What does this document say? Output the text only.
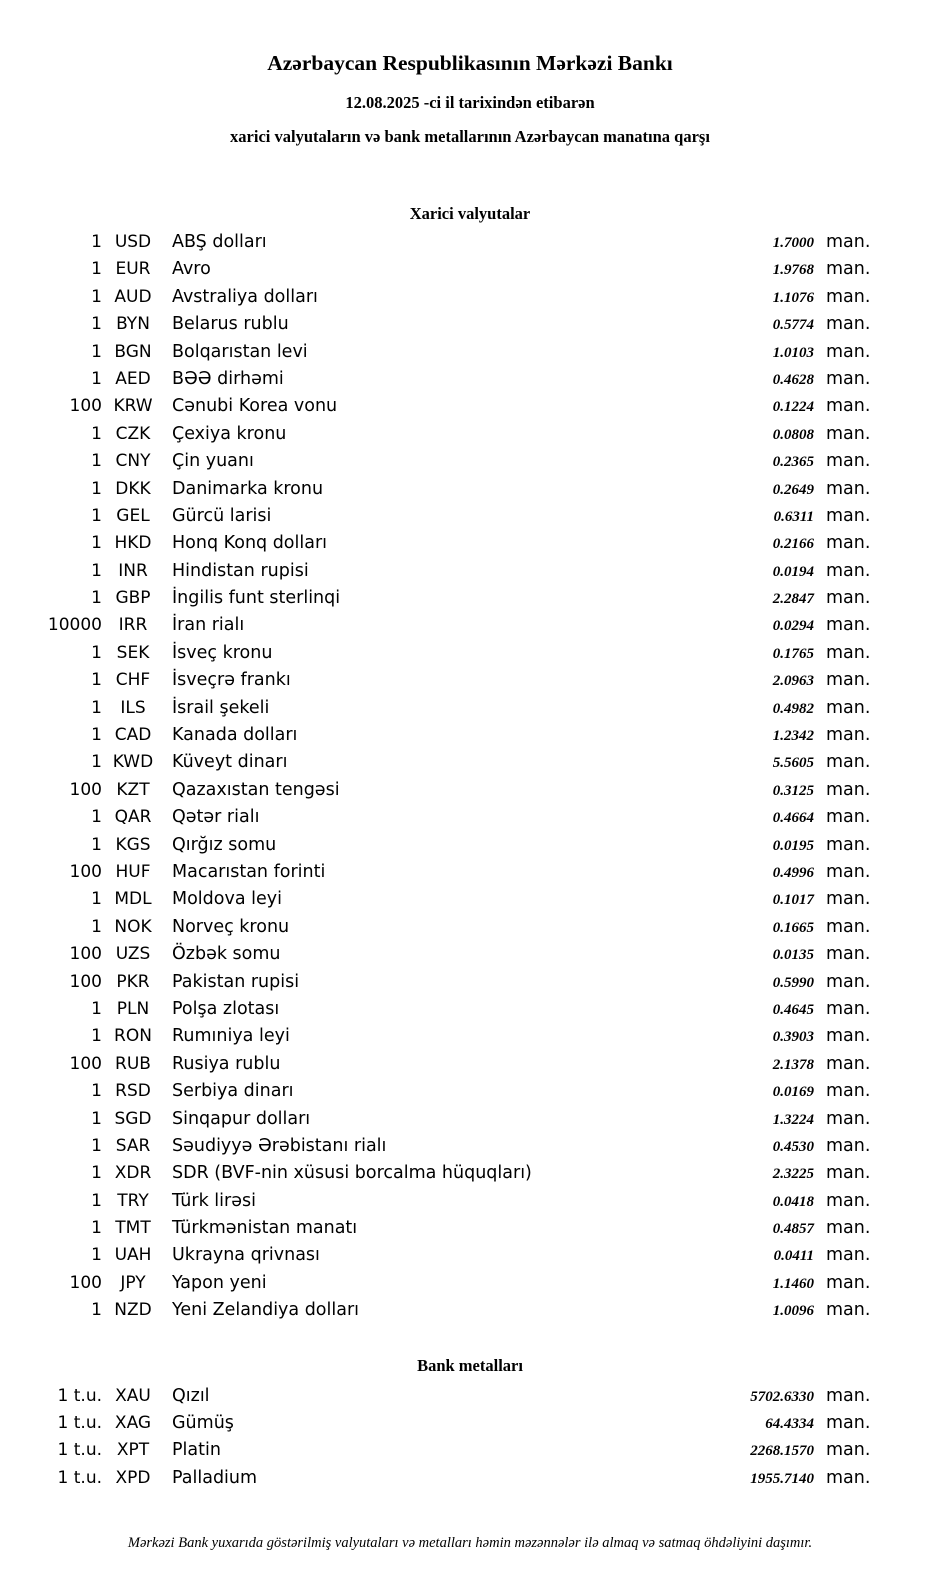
Azərbaycan Respublikasının Mərkəzi Bankı
12.08.2025 -ci il tarixindən etibarən
xarici valyutaların və bank metallarının Azərbaycan manatına qarşı
Xarici valyutalar
1 USD	ABŞ dolları	1.7000 man.
1 EUR	Avro	1.9768 man.
1 AUD	Avstraliya dolları	1.1076 man.
1 BYN	Belarus rublu	0.5774 man.
1 BGN	Bolqarıstan levi	1.0103 man.
1 AED	BƏƏ dirhəmi	0.4628 man.
100 KRW	Cənubi Korea vonu	0.1224 man.
1 CZK	Çexiya kronu	0.0808 man.
1 CNY	Çin yuanı	0.2365 man.
1 DKK	Danimarka kronu	0.2649 man.
1 GEL	Gürcü larisi	0.6311 man.
1 HKD	Honq Konq dolları	0.2166 man.
1 INR	Hindistan rupisi	0.0194 man.
1 GBP	İngilis funt sterlinqi	2.2847 man.
10000 IRR	İran rialı	0.0294 man.
1 SEK	İsveç kronu	0.1765 man.
1 CHF	İsveçrə frankı	2.0963 man.
1	ILS	İsrail şekeli	0.4982 man.
1 CAD	Kanada dolları	1.2342 man.
1 KWD	Küveyt dinarı	5.5605 man.
100 KZT	Qazaxıstan tengəsi	0.3125 man.
1 QAR	Qətər rialı	0.4664 man.
1 KGS	Qırğız somu	0.0195 man.
100 HUF	Macarıstan forinti	0.4996 man.
1 MDL	Moldova leyi	0.1017 man.
1 NOK	Norveç kronu	0.1665 man.
100 UZS	Özbək somu	0.0135 man.
100 PKR	Pakistan rupisi	0.5990 man.
1 PLN	Polşa zlotası	0.4645 man.
1 RON	Rumıniya leyi	0.3903 man.
100 RUB	Rusiya rublu	2.1378 man.
1 RSD	Serbiya dinarı	0.0169 man.
1 SGD	Sinqapur dolları	1.3224 man.
1 SAR	Səudiyyə Ərəbistanı rialı	0.4530 man.
1 XDR	SDR (BVF-nin xüsusi borcalma hüquqları)	2.3225 man.
1 TRY	Türk lirəsi	0.0418 man.
1 TMT	Türkmənistan manatı	0.4857 man.
1 UAH	Ukrayna qrivnası	0.0411 man.
100	JPY	Yapon yeni	1.1460 man.
1 NZD	Yeni Zelandiya dolları	1.0096 man.
Bank metalları
1 t.u. XAU	Qızıl	5702.6330 man.
1 t.u. XAG	Gümüş	64.4334 man.
1 t.u. XPT	Platin	2268.1570 man.
1 t.u. XPD	Palladium	1955.7140 man.
Mərkəzi Bank yuxarıda göstərilmiş valyutaları və metalları həmin məzənnələr ilə almaq və satmaq öhdəliyini daşımır.
